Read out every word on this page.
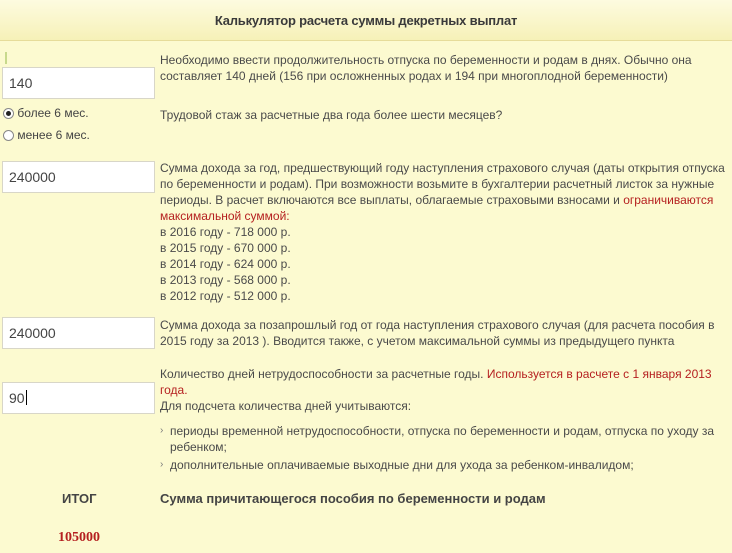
Калькулятор расчета суммы декретных выплат
140
Необходимо ввести продолжительность отпуска по беременности и родам в днях. Обычно она составляет 140 дней (156 при осложненных родах и 194 при многоплодной беременности)
более 6 мес.
менее 6 мес.
Трудовой стаж за расчетные два года более шести месяцев?
240000
Сумма дохода за год, предшествующий году наступления страхового случая (даты открытия отпуска по беременности и родам). При возможности возьмите в бухгалтерии расчетный листок за нужные периоды. В расчет включаются все выплаты, облагаемые страховыми взносами и ограничиваются максимальной суммой:
в 2016 году - 718 000 р.
в 2015 году - 670 000 р.
в 2014 году - 624 000 р.
в 2013 году - 568 000 р.
в 2012 году - 512 000 р.
240000	Сумма дохода за позапрошлый год от года наступления страхового случая (для расчета пособия в 2015 году за 2013 ). Вводится также, с учетом максимальной суммы из предыдущего пункта
90
Количество дней нетрудоспособности за расчетные годы. Используется в расчете с 1 января 2013 года.
Для подсчета количества дней учитываются:
› периоды временной нетрудоспособности, отпуска по беременности и родам, отпуска по уходу за ребенком;
› дополнительные оплачиваемые выходные дни для ухода за ребенком-инвалидом;
ИТОГ	Сумма причитающегося пособия по беременности и родам
105000
